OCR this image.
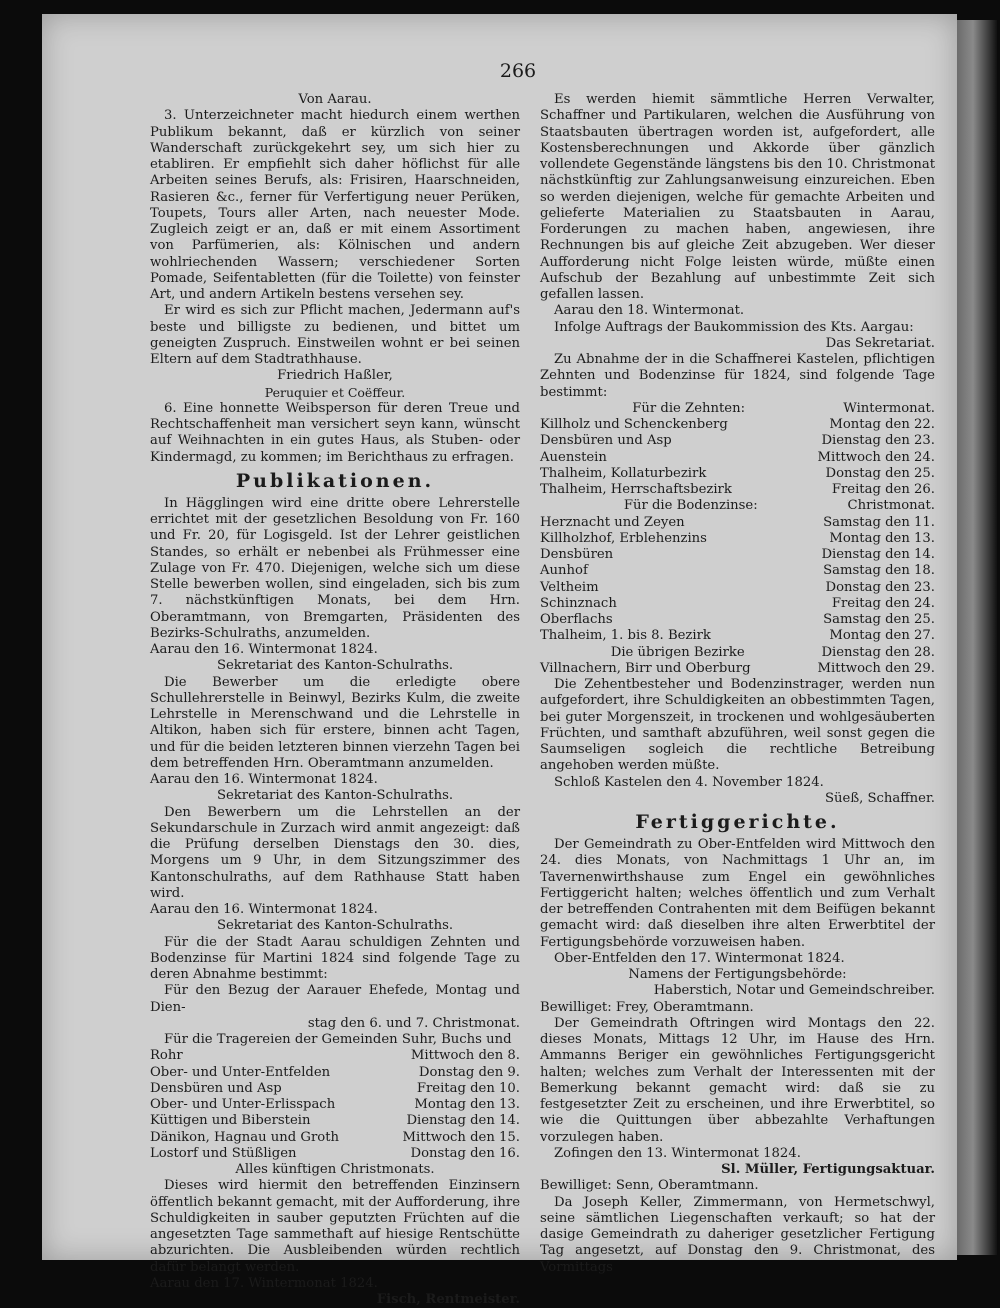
266

Von Aarau.

3. Unterzeichneter macht hiedurch einem werthen Publikum bekannt, daß er kürzlich von seiner Wanderschaft zurückgekehrt sey, um sich hier zu etabliren. Er empfiehlt sich daher höflichst für alle Arbeiten seines Berufs, als: Frisiren, Haarschneiden, Rasieren &c., ferner für Verfertigung neuer Perüken, Toupets, Tours aller Arten, nach neuester Mode. Zugleich zeigt er an, daß er mit einem Assortiment von Parfümerien, als: Kölnischen und andern wohlriechenden Wassern; verschiedener Sorten Pomade, Seifentabletten (für die Toilette) von feinster Art, und andern Artikeln bestens versehen sey.

Er wird es sich zur Pflicht machen, Jedermann auf's beste und billigste zu bedienen, und bittet um geneigten Zuspruch. Einstweilen wohnt er bei seinen Eltern auf dem Stadtrathhause.

Friedrich Haßler,

Peruquier et Coëffeur.

6. Eine honnette Weibsperson für deren Treue und Rechtschaffenheit man versichert seyn kann, wünscht auf Weihnachten in ein gutes Haus, als Stuben- oder Kindermagd, zu kommen; im Berichthaus zu erfragen.

Publikationen.

In Hägglingen wird eine dritte obere Lehrerstelle errichtet mit der gesetzlichen Besoldung von Fr. 160 und Fr. 20, für Logisgeld. Ist der Lehrer geistlichen Standes, so erhält er nebenbei als Frühmesser eine Zulage von Fr. 470. Diejenigen, welche sich um diese Stelle bewerben wollen, sind eingeladen, sich bis zum 7. nächstkünftigen Monats, bei dem Hrn. Oberamtmann, von Bremgarten, Präsidenten des Bezirks-Schulraths, anzumelden.

Aarau den 16. Wintermonat 1824.

Sekretariat des Kanton-Schulraths.

Die Bewerber um die erledigte obere Schullehrerstelle in Beinwyl, Bezirks Kulm, die zweite Lehrstelle in Merenschwand und die Lehrstelle in Altikon, haben sich für erstere, binnen acht Tagen, und für die beiden letzteren binnen vierzehn Tagen bei dem betreffenden Hrn. Oberamtmann anzumelden.

Aarau den 16. Wintermonat 1824.

Sekretariat des Kanton-Schulraths.

Den Bewerbern um die Lehrstellen an der Sekundarschule in Zurzach wird anmit angezeigt: daß die Prüfung derselben Dienstags den 30. dies, Morgens um 9 Uhr, in dem Sitzungszimmer des Kantonschulraths, auf dem Rathhause Statt haben wird.

Aarau den 16. Wintermonat 1824.

Sekretariat des Kanton-Schulraths.

Für die der Stadt Aarau schuldigen Zehnten und Bodenzinse für Martini 1824 sind folgende Tage zu deren Abnahme bestimmt:

Für den Bezug der Aarauer Ehefede, Montag und Dien-

stag den 6. und 7. Christmonat.

Für die Tragereien der Gemeinden Suhr, Buchs und

Rohr	Mittwoch den 8.
Ober- und Unter-Entfelden	Donstag den 9.
Densbüren und Asp	Freitag den 10.
Ober- und Unter-Erlisspach	Montag den 13.
Küttigen und Biberstein	Dienstag den 14.
Dänikon, Hagnau und Groth	Mittwoch den 15.
Lostorf und Stüßligen	Donstag den 16.

Alles künftigen Christmonats.

Dieses wird hiermit den betreffenden Einzinsern öffentlich bekannt gemacht, mit der Aufforderung, ihre Schuldigkeiten in sauber geputzten Früchten auf die angesetzten Tage sammethaft auf hiesige Rentschütte abzurichten. Die Ausbleibenden würden rechtlich dafür belangt werden.

Aarau den 17. Wintermonat 1824.

Fisch, Rentmeister.

Es werden hiemit sämmtliche Herren Verwalter, Schaffner und Partikularen, welchen die Ausführung von Staatsbauten übertragen worden ist, aufgefordert, alle Kostensberechnungen und Akkorde über gänzlich vollendete Gegenstände längstens bis den 10. Christmonat nächstkünftig zur Zahlungsanweisung einzureichen. Eben so werden diejenigen, welche für gemachte Arbeiten und gelieferte Materialien zu Staatsbauten in Aarau, Forderungen zu machen haben, angewiesen, ihre Rechnungen bis auf gleiche Zeit abzugeben. Wer dieser Aufforderung nicht Folge leisten würde, müßte einen Aufschub der Bezahlung auf unbestimmte Zeit sich gefallen lassen.

Aarau den 18. Wintermonat.

Infolge Auftrags der Baukommission des Kts. Aargau:

Das Sekretariat.

Zu Abnahme der in die Schaffnerei Kastelen, pflichtigen Zehnten und Bodenzinse für 1824, sind folgende Tage bestimmt:

Für die Zehnten:	Wintermonat.
Killholz und Schenckenberg	Montag den 22.
Densbüren und Asp	Dienstag den 23.
Auenstein	Mittwoch den 24.
Thalheim, Kollaturbezirk	Donstag den 25.
Thalheim, Herrschaftsbezirk	Freitag den 26.
Für die Bodenzinse:	Christmonat.
Herznacht und Zeyen	Samstag den 11.
Killholzhof, Erblehenzins	Montag den 13.
Densbüren	Dienstag den 14.
Aunhof	Samstag den 18.
Veltheim	Donstag den 23.
Schinznach	Freitag den 24.
Oberflachs	Samstag den 25.
Thalheim, 1. bis 8. Bezirk	Montag den 27.
Die übrigen Bezirke	Dienstag den 28.
Villnachern, Birr und Oberburg	Mittwoch den 29.

Die Zehentbesteher und Bodenzinstrager, werden nun aufgefordert, ihre Schuldigkeiten an obbestimmten Tagen, bei guter Morgenszeit, in trockenen und wohlgesäuberten Früchten, und samthaft abzuführen, weil sonst gegen die Saumseligen sogleich die rechtliche Betreibung angehoben werden müßte.

Schloß Kastelen den 4. November 1824.

Süeß, Schaffner.

Fertiggerichte.

Der Gemeindrath zu Ober-Entfelden wird Mittwoch den 24. dies Monats, von Nachmittags 1 Uhr an, im Tavernenwirthshause zum Engel ein gewöhnliches Fertiggericht halten; welches öffentlich und zum Verhalt der betreffenden Contrahenten mit dem Beifügen bekannt gemacht wird: daß dieselben ihre alten Erwerbtitel der Fertigungsbehörde vorzuweisen haben.

Ober-Entfelden den 17. Wintermonat 1824.

Namens der Fertigungsbehörde:

Haberstich, Notar und Gemeindschreiber.

Bewilliget: Frey, Oberamtmann.

Der Gemeindrath Oftringen wird Montags den 22. dieses Monats, Mittags 12 Uhr, im Hause des Hrn. Ammanns Beriger ein gewöhnliches Fertigungsgericht halten; welches zum Verhalt der Interessenten mit der Bemerkung bekannt gemacht wird: daß sie zu festgesetzter Zeit zu erscheinen, und ihre Erwerbtitel, so wie die Quittungen über abbezahlte Verhaftungen vorzulegen haben.

Zofingen den 13. Wintermonat 1824.

Sl. Müller, Fertigungsaktuar.

Bewilliget: Senn, Oberamtmann.

Da Joseph Keller, Zimmermann, von Hermetschwyl, seine sämtlichen Liegenschaften verkauft; so hat der dasige Gemeindrath zu daheriger gesetzlicher Fertigung Tag angesetzt, auf Donstag den 9. Christmonat, des Vormittags
